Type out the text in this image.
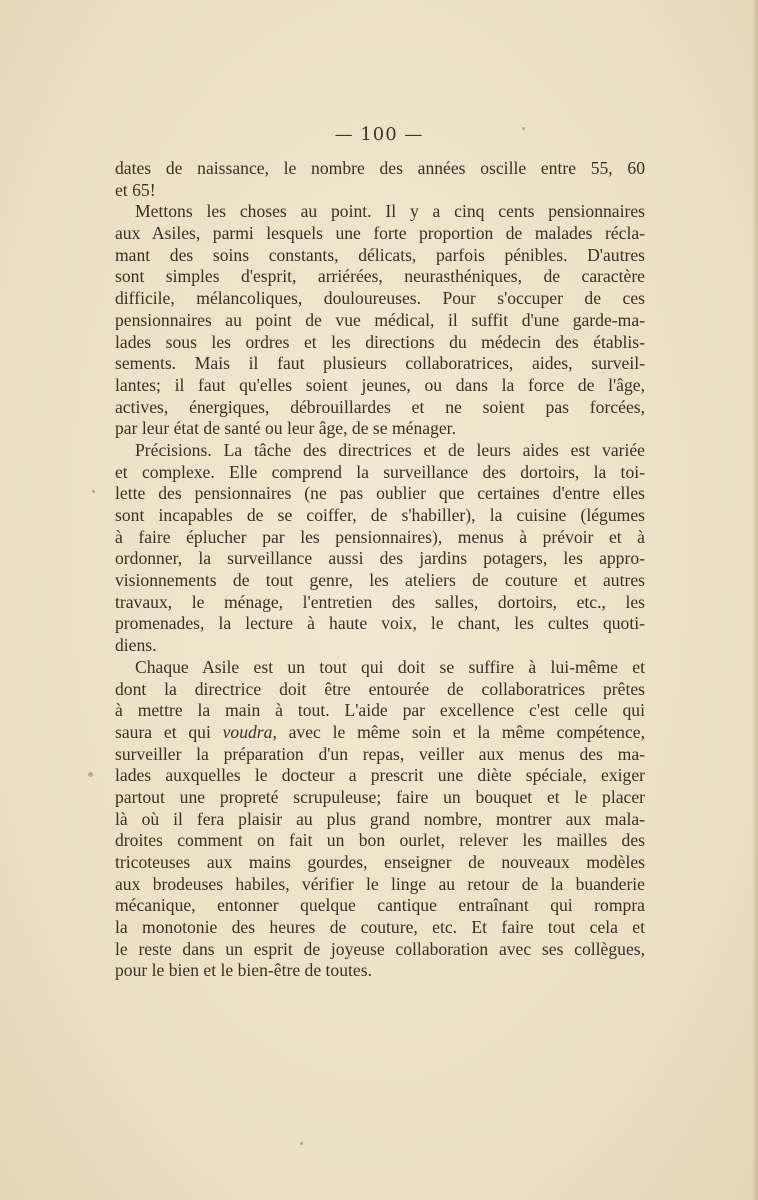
— 100 —
dates de naissance, le nombre des années oscille entre 55, 60
et 65!
Mettons les choses au point. Il y a cinq cents pensionnaires
aux Asiles, parmi lesquels une forte proportion de malades récla-
mant des soins constants, délicats, parfois pénibles. D'autres
sont simples d'esprit, arriérées, neurasthéniques, de caractère
difficile, mélancoliques, douloureuses. Pour s'occuper de ces
pensionnaires au point de vue médical, il suffit d'une garde-ma-
lades sous les ordres et les directions du médecin des établis-
sements. Mais il faut plusieurs collaboratrices, aides, surveil-
lantes; il faut qu'elles soient jeunes, ou dans la force de l'âge,
actives, énergiques, débrouillardes et ne soient pas forcées,
par leur état de santé ou leur âge, de se ménager.
Précisions. La tâche des directrices et de leurs aides est variée
et complexe. Elle comprend la surveillance des dortoirs, la toi-
lette des pensionnaires (ne pas oublier que certaines d'entre elles
sont incapables de se coiffer, de s'habiller), la cuisine (légumes
à faire éplucher par les pensionnaires), menus à prévoir et à
ordonner, la surveillance aussi des jardins potagers, les appro-
visionnements de tout genre, les ateliers de couture et autres
travaux, le ménage, l'entretien des salles, dortoirs, etc., les
promenades, la lecture à haute voix, le chant, les cultes quoti-
diens.
Chaque Asile est un tout qui doit se suffire à lui-même et
dont la directrice doit être entourée de collaboratrices prêtes
à mettre la main à tout. L'aide par excellence c'est celle qui
saura et qui voudra, avec le même soin et la même compétence,
surveiller la préparation d'un repas, veiller aux menus des ma-
lades auxquelles le docteur a prescrit une diète spéciale, exiger
partout une propreté scrupuleuse; faire un bouquet et le placer
là où il fera plaisir au plus grand nombre, montrer aux mala-
droites comment on fait un bon ourlet, relever les mailles des
tricoteuses aux mains gourdes, enseigner de nouveaux modèles
aux brodeuses habiles, vérifier le linge au retour de la buanderie
mécanique, entonner quelque cantique entraînant qui rompra
la monotonie des heures de couture, etc. Et faire tout cela et
le reste dans un esprit de joyeuse collaboration avec ses collègues,
pour le bien et le bien-être de toutes.
